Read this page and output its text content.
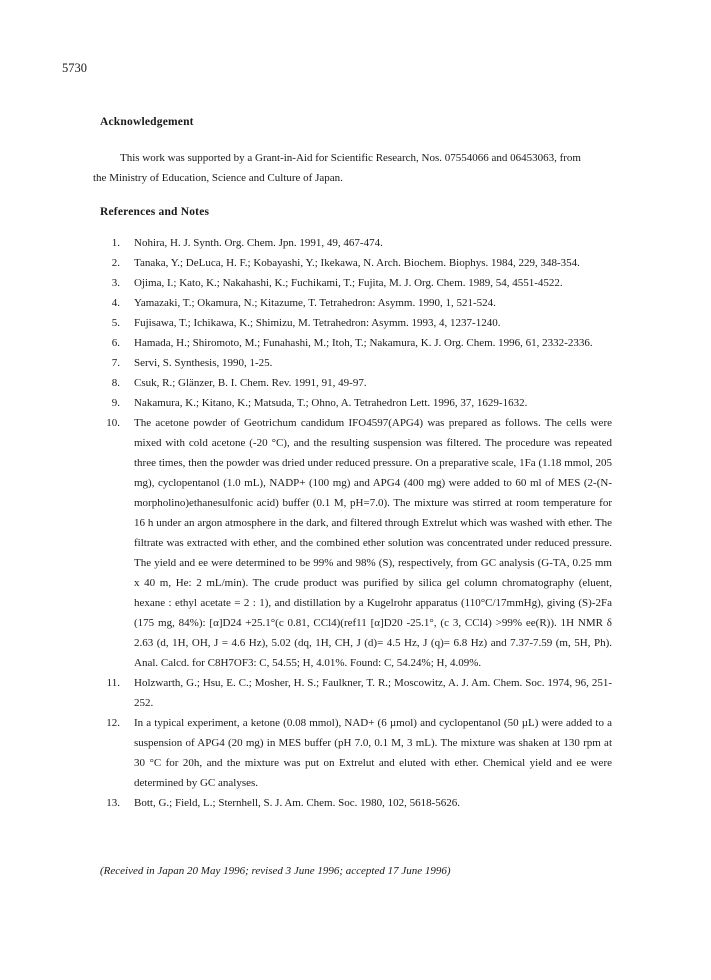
5730
Acknowledgement
This work was supported by a Grant-in-Aid for Scientific Research, Nos. 07554066 and 06453063, from
the Ministry of Education, Science and Culture of Japan.
References and Notes
1. Nohira, H. J. Synth. Org. Chem. Jpn. 1991, 49, 467-474.
2. Tanaka, Y.; DeLuca, H. F.; Kobayashi, Y.; Ikekawa, N. Arch. Biochem. Biophys. 1984, 229, 348-354.
3. Ojima, I.; Kato, K.; Nakahashi, K.; Fuchikami, T.; Fujita, M. J. Org. Chem. 1989, 54, 4551-4522.
4. Yamazaki, T.; Okamura, N.; Kitazume, T. Tetrahedron: Asymm. 1990, 1, 521-524.
5. Fujisawa, T.; Ichikawa, K.; Shimizu, M. Tetrahedron: Asymm. 1993, 4, 1237-1240.
6. Hamada, H.; Shiromoto, M.; Funahashi, M.; Itoh, T.; Nakamura, K. J. Org. Chem. 1996, 61, 2332-2336.
7. Servi, S. Synthesis, 1990, 1-25.
8. Csuk, R.; Glänzer, B. I. Chem. Rev. 1991, 91, 49-97.
9. Nakamura, K.; Kitano, K.; Matsuda, T.; Ohno, A. Tetrahedron Lett. 1996, 37, 1629-1632.
10. The acetone powder of Geotrichum candidum IFO4597(APG4) was prepared as follows. The cells were mixed with cold acetone (-20 °C), and the resulting suspension was filtered. The procedure was repeated three times, then the powder was dried under reduced pressure. On a preparative scale, 1Fa (1.18 mmol, 205 mg), cyclopentanol (1.0 mL), NADP+ (100 mg) and APG4 (400 mg) were added to 60 ml of MES (2-(N-morpholino)ethanesulfonic acid) buffer (0.1 M, pH=7.0). The mixture was stirred at room temperature for 16 h under an argon atmosphere in the dark, and filtered through Extrelut which was washed with ether. The filtrate was extracted with ether, and the combined ether solution was concentrated under reduced pressure. The yield and ee were determined to be 99% and 98% (S), respectively, from GC analysis (G-TA, 0.25 mm x 40 m, He: 2 mL/min). The crude product was purified by silica gel column chromatography (eluent, hexane : ethyl acetate = 2 : 1), and distillation by a Kugelrohr apparatus (110°C/17mmHg), giving (S)-2Fa (175 mg, 84%): [α]D24 +25.1°(c 0.81, CCl4)(ref11 [α]D20 -25.1°, (c 3, CCl4) >99% ee(R)). 1H NMR δ 2.63 (d, 1H, OH, J = 4.6 Hz), 5.02 (dq, 1H, CH, J (d)= 4.5 Hz, J (q)= 6.8 Hz) and 7.37-7.59 (m, 5H, Ph). Anal. Calcd. for C8H7OF3: C, 54.55; H, 4.01%. Found: C, 54.24%; H, 4.09%.
11. Holzwarth, G.; Hsu, E. C.; Mosher, H. S.; Faulkner, T. R.; Moscowitz, A. J. Am. Chem. Soc. 1974, 96, 251-252.
12. In a typical experiment, a ketone (0.08 mmol), NAD+ (6 µmol) and cyclopentanol (50 µL) were added to a suspension of APG4 (20 mg) in MES buffer (pH 7.0, 0.1 M, 3 mL). The mixture was shaken at 130 rpm at 30 °C for 20h, and the mixture was put on Extrelut and eluted with ether. Chemical yield and ee were determined by GC analyses.
13. Bott, G.; Field, L.; Sternhell, S. J. Am. Chem. Soc. 1980, 102, 5618-5626.
(Received in Japan 20 May 1996; revised 3 June 1996; accepted 17 June 1996)
